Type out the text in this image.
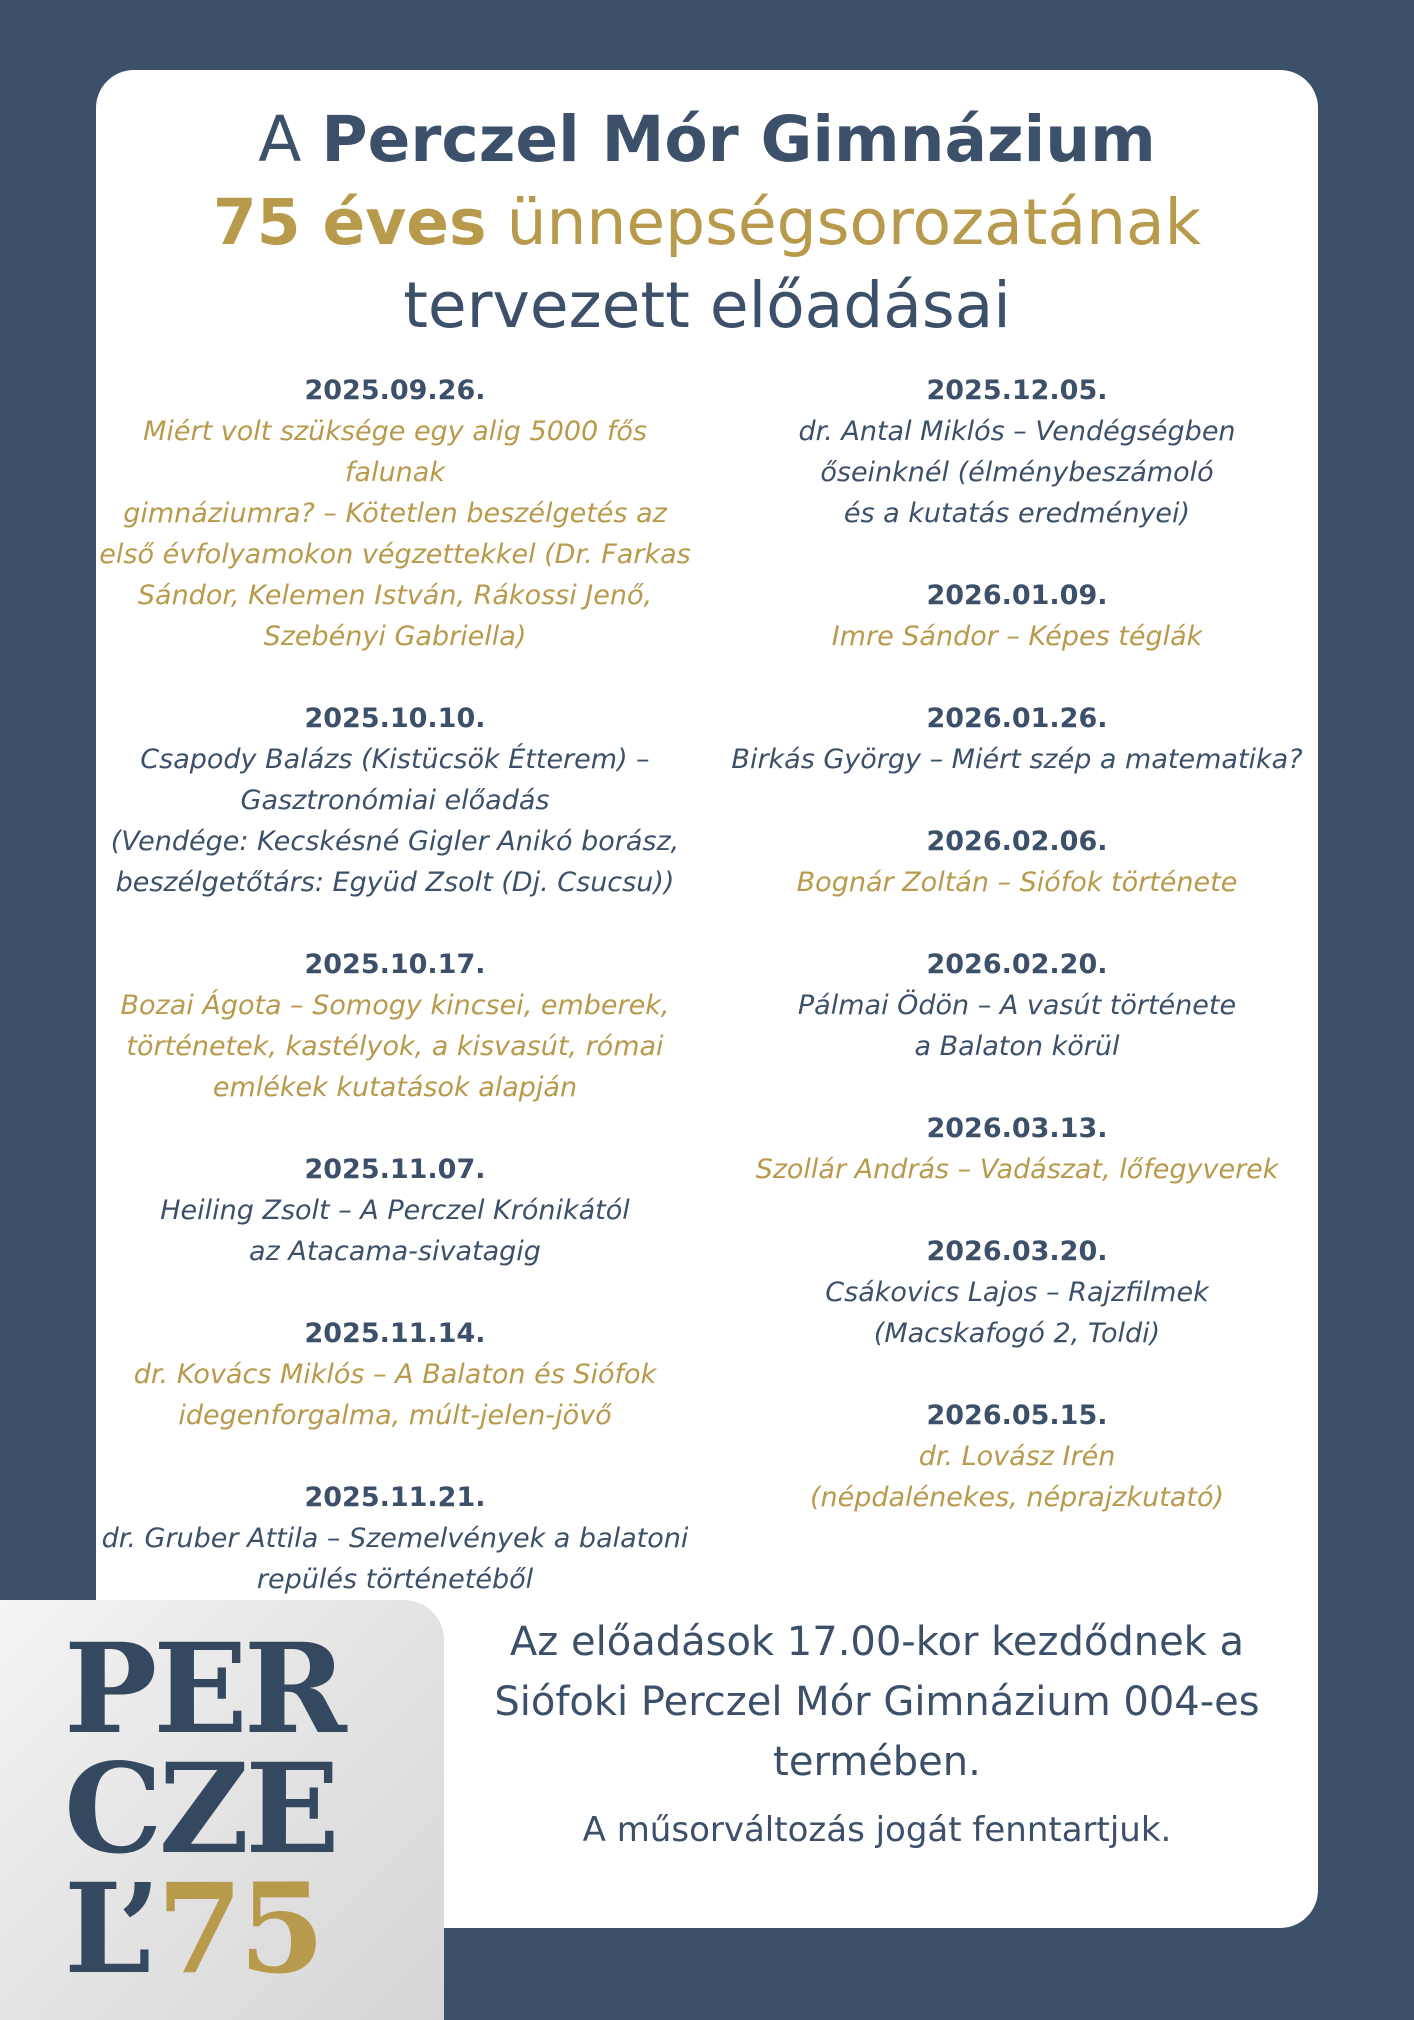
A Perczel Mór Gimnázium
75 éves ünnepségsorozatának
tervezett előadásai
2025.09.26.
Miért volt szüksége egy alig 5000 fős falunak
gimnáziumra? – Kötetlen beszélgetés az
első évfolyamokon végzettekkel (Dr. Farkas
Sándor, Kelemen István, Rákossi Jenő,
Szebényi Gabriella)
2025.10.10.
Csapody Balázs (Kistücsök Étterem) –
Gasztronómiai előadás
(Vendége: Kecskésné Gigler Anikó borász,
beszélgetőtárs: Együd Zsolt (Dj. Csucsu))
2025.10.17.
Bozai Ágota – Somogy kincsei, emberek,
történetek, kastélyok, a kisvasút, római
emlékek kutatások alapján
2025.11.07.
Heiling Zsolt – A Perczel Krónikától
az Atacama-sivatagig
2025.11.14.
dr. Kovács Miklós – A Balaton és Siófok
idegenforgalma, múlt-jelen-jövő
2025.11.21.
dr. Gruber Attila – Szemelvények a balatoni
repülés történetéből
2025.12.05.
dr. Antal Miklós – Vendégségben
őseinknél (élménybeszámoló
és a kutatás eredményei)
2026.01.09.
Imre Sándor – Képes téglák
2026.01.26.
Birkás György – Miért szép a matematika?
2026.02.06.
Bognár Zoltán – Siófok története
2026.02.20.
Pálmai Ödön – A vasút története
a Balaton körül
2026.03.13.
Szollár András – Vadászat, lőfegyverek
2026.03.20.
Csákovics Lajos – Rajzfilmek
(Macskafogó 2, Toldi)
2026.05.15.
dr. Lovász Irén
(népdalénekes, néprajzkutató)
PER
CZE
L’75
Az előadások 17.00-kor kezdődnek a
Siófoki Perczel Mór Gimnázium 004-es
termében.
A műsorváltozás jogát fenntartjuk.
